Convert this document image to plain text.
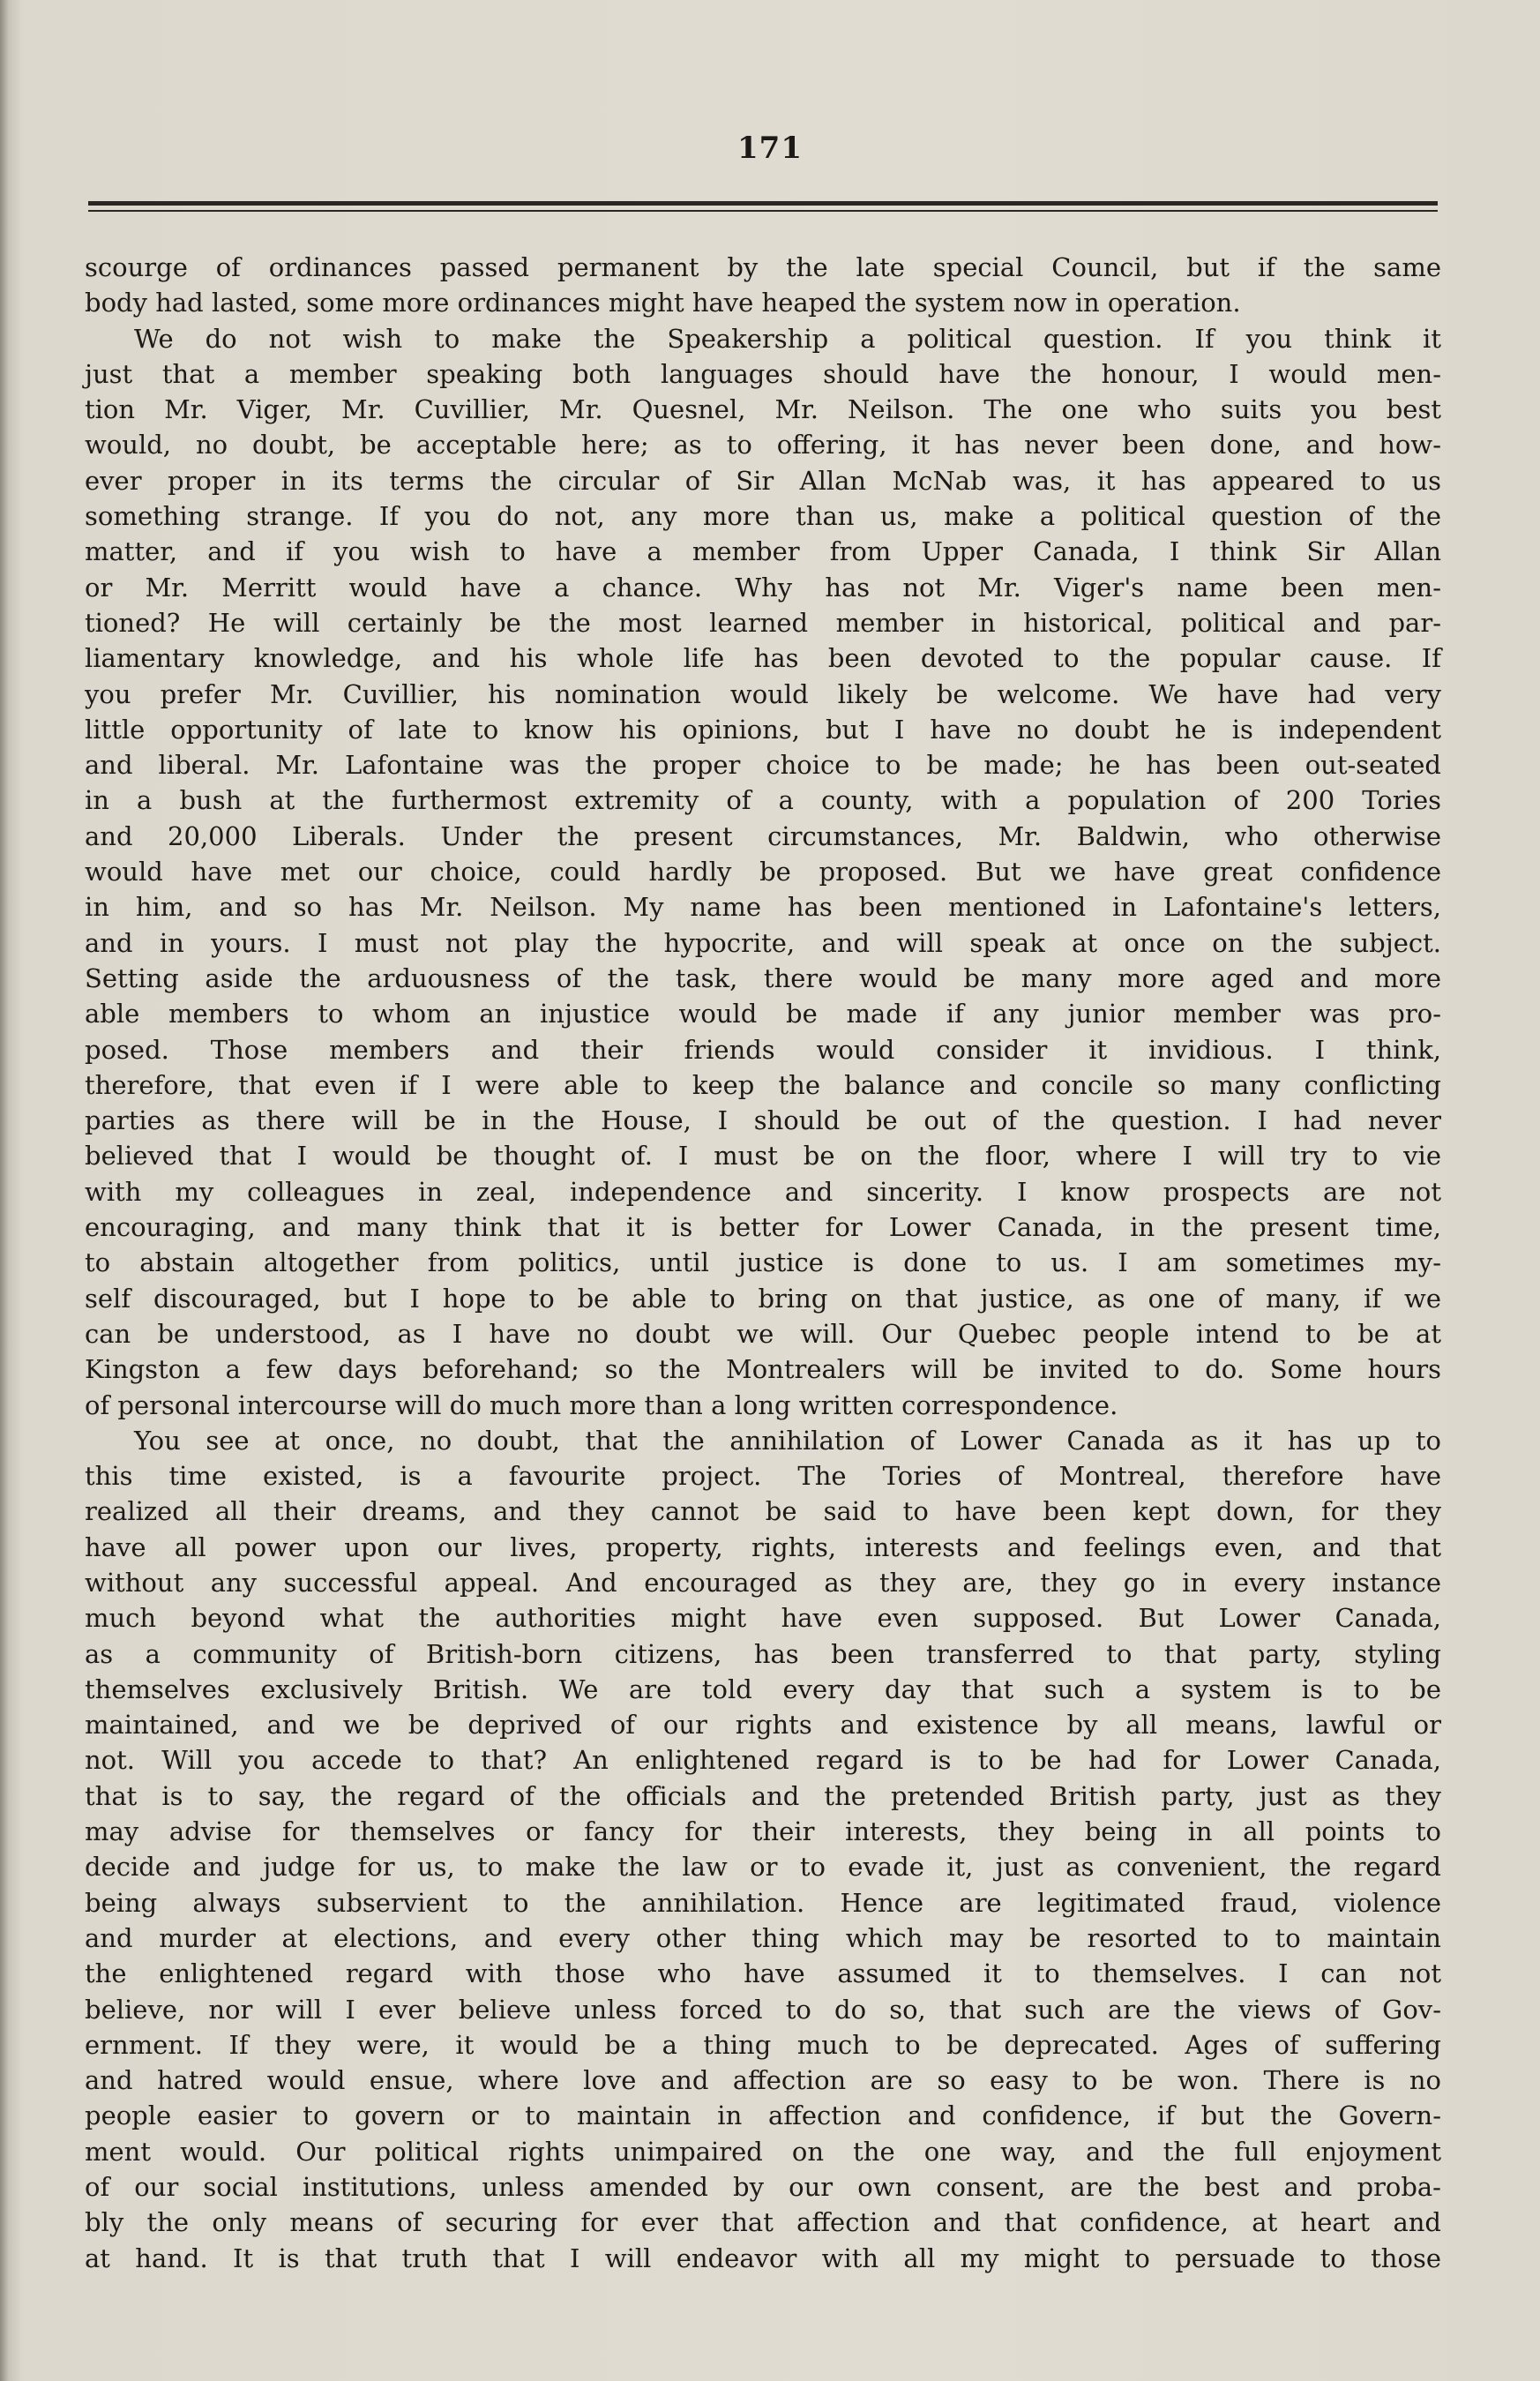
171
scourge of ordinances passed permanent by the late special Council, but if the same
body had lasted, some more ordinances might have heaped the system now in operation.
We do not wish to make the Speakership a political question. If you think it
just that a member speaking both languages should have the honour, I would men-
tion Mr. Viger, Mr. Cuvillier, Mr. Quesnel, Mr. Neilson. The one who suits you best
would, no doubt, be acceptable here; as to offering, it has never been done, and how-
ever proper in its terms the circular of Sir Allan McNab was, it has appeared to us
something strange. If you do not, any more than us, make a political question of the
matter, and if you wish to have a member from Upper Canada, I think Sir Allan
or Mr. Merritt would have a chance. Why has not Mr. Viger's name been men-
tioned? He will certainly be the most learned member in historical, political and par-
liamentary knowledge, and his whole life has been devoted to the popular cause. If
you prefer Mr. Cuvillier, his nomination would likely be welcome. We have had very
little opportunity of late to know his opinions, but I have no doubt he is independent
and liberal. Mr. Lafontaine was the proper choice to be made; he has been out-seated
in a bush at the furthermost extremity of a county, with a population of 200 Tories
and 20,000 Liberals. Under the present circumstances, Mr. Baldwin, who otherwise
would have met our choice, could hardly be proposed. But we have great confidence
in him, and so has Mr. Neilson. My name has been mentioned in Lafontaine's letters,
and in yours. I must not play the hypocrite, and will speak at once on the subject.
Setting aside the arduousness of the task, there would be many more aged and more
able members to whom an injustice would be made if any junior member was pro-
posed. Those members and their friends would consider it invidious. I think,
therefore, that even if I were able to keep the balance and concile so many conflicting
parties as there will be in the House, I should be out of the question. I had never
believed that I would be thought of. I must be on the floor, where I will try to vie
with my colleagues in zeal, independence and sincerity. I know prospects are not
encouraging, and many think that it is better for Lower Canada, in the present time,
to abstain altogether from politics, until justice is done to us. I am sometimes my-
self discouraged, but I hope to be able to bring on that justice, as one of many, if we
can be understood, as I have no doubt we will. Our Quebec people intend to be at
Kingston a few days beforehand; so the Montrealers will be invited to do. Some hours
of personal intercourse will do much more than a long written correspondence.
You see at once, no doubt, that the annihilation of Lower Canada as it has up to
this time existed, is a favourite project. The Tories of Montreal, therefore have
realized all their dreams, and they cannot be said to have been kept down, for they
have all power upon our lives, property, rights, interests and feelings even, and that
without any successful appeal. And encouraged as they are, they go in every instance
much beyond what the authorities might have even supposed. But Lower Canada,
as a community of British-born citizens, has been transferred to that party, styling
themselves exclusively British. We are told every day that such a system is to be
maintained, and we be deprived of our rights and existence by all means, lawful or
not. Will you accede to that? An enlightened regard is to be had for Lower Canada,
that is to say, the regard of the officials and the pretended British party, just as they
may advise for themselves or fancy for their interests, they being in all points to
decide and judge for us, to make the law or to evade it, just as convenient, the regard
being always subservient to the annihilation. Hence are legitimated fraud, violence
and murder at elections, and every other thing which may be resorted to to maintain
the enlightened regard with those who have assumed it to themselves. I can not
believe, nor will I ever believe unless forced to do so, that such are the views of Gov-
ernment. If they were, it would be a thing much to be deprecated. Ages of suffering
and hatred would ensue, where love and affection are so easy to be won. There is no
people easier to govern or to maintain in affection and confidence, if but the Govern-
ment would. Our political rights unimpaired on the one way, and the full enjoyment
of our social institutions, unless amended by our own consent, are the best and proba-
bly the only means of securing for ever that affection and that confidence, at heart and
at hand. It is that truth that I will endeavor with all my might to persuade to those
